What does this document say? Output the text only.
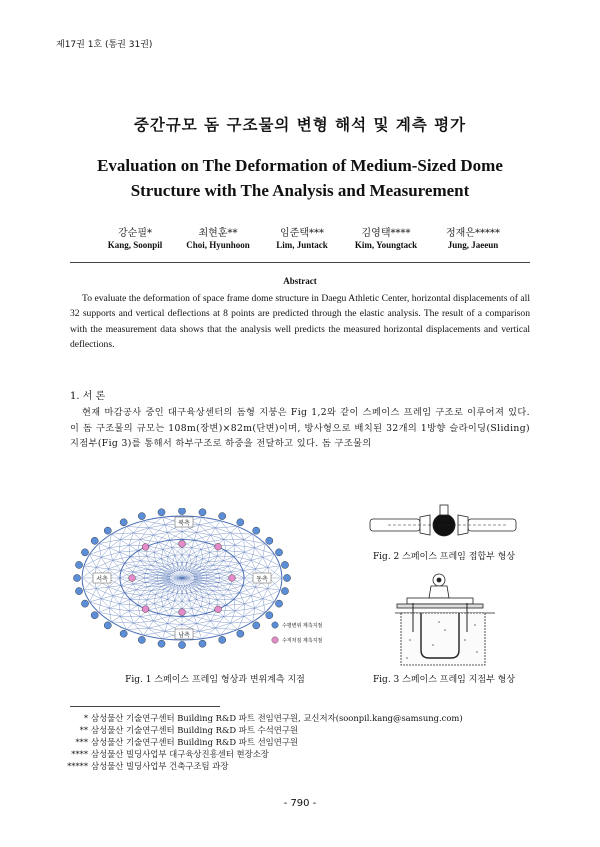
제17권 1호 (통권 31권)
중간규모 돔 구조물의 변형 해석 및 계측 평가
Evaluation on The Deformation of Medium-Sized Dome
Structure with The Analysis and Measurement
강순필*
Kang, Soonpil
최현훈**
Choi, Hyunhoon
임준택***
Lim, Juntack
김영택****
Kim, Youngtack
정재은*****
Jung, Jaeeun
Abstract
To evaluate the deformation of space frame dome structure in Daegu Athletic Center, horizontal displacements of all 32 supports and vertical deflections at 8 points are predicted through the elastic analysis. The result of a comparison with the measurement data shows that the analysis well predicts the measured horizontal displacements and vertical deflections.
1. 서 론
현재 마감공사 중인 대구육상센터의 돔형 지붕은 Fig 1,2와 같이 스페이스 프레임 구조로 이루어져 있다. 이 돔 구조물의 규모는 108m(장변)×82m(단변)이며, 방사형으로 배치된 32개의 1방향 슬라이딩(Sliding) 지점부(Fig 3)를 통해서 하부구조로 하중을 전달하고 있다. 돔 구조물의
북측
남측
서측	동측
수평변위 계측지점
수직처짐 계측지점
Fig. 1 스페이스 프레임 형상과 변위계측 지점
Fig. 2 스페이스 프레임 접합부 형상
Fig. 3 스페이스 프레임 지점부 형상
* 삼성물산 기술연구센터 Building R&D 파트 전임연구원, 교신저자(soonpil.kang@samsung.com)
** 삼성물산 기술연구센터 Building R&D 파트 수석연구원
*** 삼성물산 기술연구센터 Building R&D 파트 선임연구원
**** 삼성물산 빌딩사업부 대구육상진흥센터 현장소장
***** 삼성물산 빌딩사업부 건축구조팀 과장
- 790 -
